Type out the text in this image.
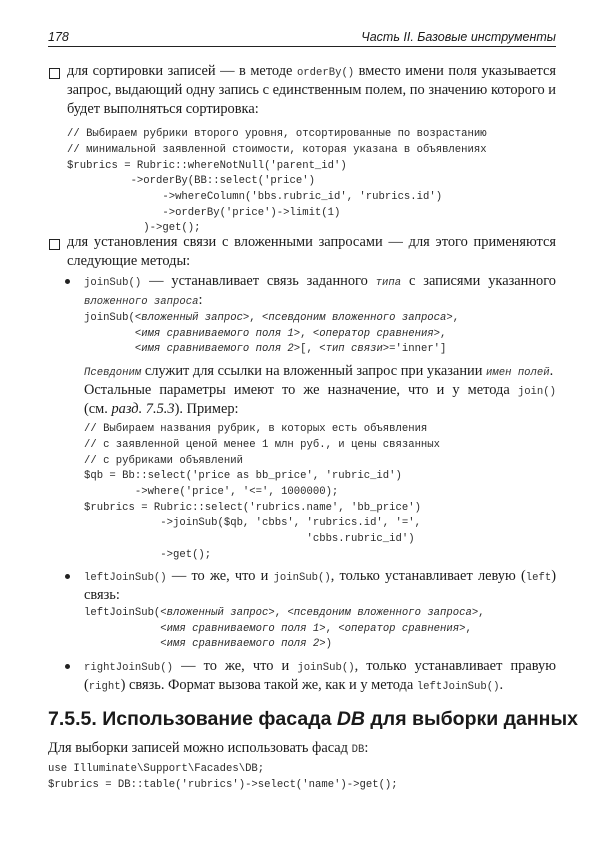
178	Часть II. Базовые инструменты
для сортировки записей — в методе orderBy() вместо имени поля указывается
запрос, выдающий одну запись с единственным полем, по значению которого и
будет выполняться сортировка:
// Выбираем рубрики второго уровня, отсортированные по возрастанию
// минимальной заявленной стоимости, которая указана в объявлениях
$rubrics = Rubric::whereNotNull('parent_id')
->orderBy(BB::select('price')
->whereColumn('bbs.rubric_id', 'rubrics.id')
->orderBy('price')->limit(1)
)->get();
для установления связи с вложенными запросами — для этого применяются
следующие методы:
joinSub() — устанавливает связь заданного типа с записями указанного
вложенного запроса:
joinSub(<вложенный запрос>, <псевдоним вложенного запроса>,
<имя сравниваемого поля 1>, <оператор сравнения>,
<имя сравниваемого поля 2>[, <тип связи>='inner']
Псевдоним служит для ссылки на вложенный запрос при указании имен полей.
Остальные параметры имеют то же назначение, что и у метода join()
(см. разд. 7.5.3). Пример:
// Выбираем названия рубрик, в которых есть объявления
// с заявленной ценой менее 1 млн руб., и цены связанных
// с рубриками объявлений
$qb = Bb::select('price as bb_price', 'rubric_id')
->where('price', '<=', 1000000);
$rubrics = Rubric::select('rubrics.name', 'bb_price')
->joinSub($qb, 'cbbs', 'rubrics.id', '=',
'cbbs.rubric_id')
->get();
leftJoinSub() — то же, что и joinSub(), только устанавливает левую (left)
связь:
leftJoinSub(<вложенный запрос>, <псевдоним вложенного запроса>,
<имя сравниваемого поля 1>, <оператор сравнения>,
<имя сравниваемого поля 2>)
rightJoinSub() — то же, что и joinSub(), только устанавливает правую
(right) связь. Формат вызова такой же, как и у метода leftJoinSub().
7.5.5. Использование фасада DB для выборки данных
Для выборки записей можно использовать фасад DB:
use Illuminate\Support\Facades\DB;
$rubrics = DB::table('rubrics')->select('name')->get();
